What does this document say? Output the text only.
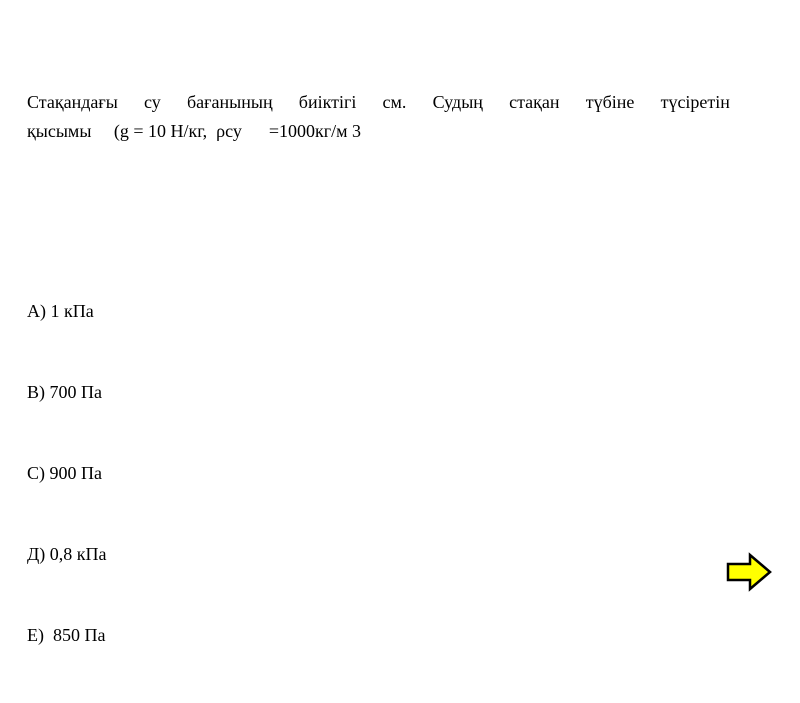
Стақандағы су бағанының биіктігі см. Судың стақан түбіне түсіретін
қысымы     (g = 10 Н/кг,  ρсу      =1000кг/м 3

А) 1 кПа

В) 700 Па

С) 900 Па

Д) 0,8 кПа

Е)  850 Па
